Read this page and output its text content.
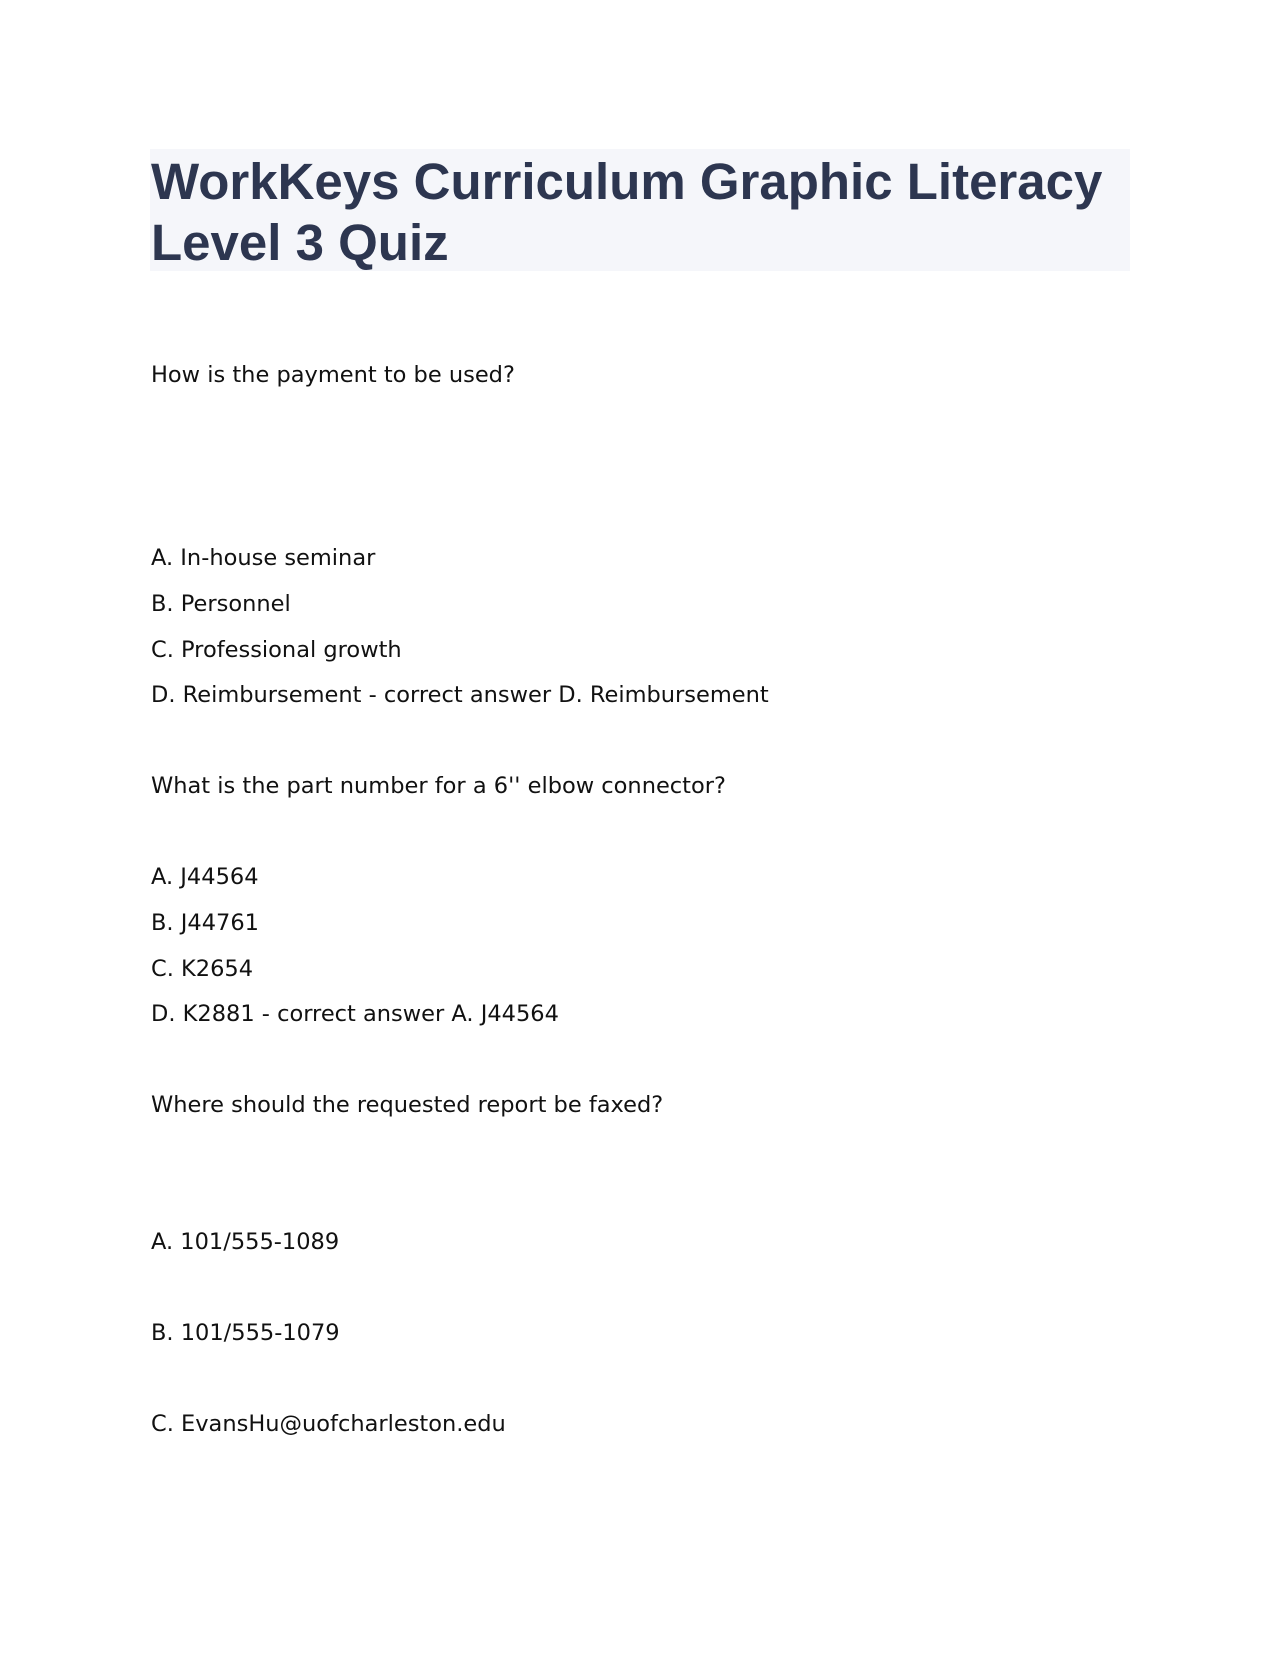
WorkKeys Curriculum Graphic Literacy Level 3 Quiz

How is the payment to be used?

A. In-house seminar

B. Personnel

C. Professional growth

D. Reimbursement - correct answer D. Reimbursement

What is the part number for a 6'' elbow connector?

A. J44564

B. J44761

C. K2654

D. K2881 - correct answer A. J44564

Where should the requested report be faxed?

A. 101/555-1089

B. 101/555-1079

C. EvansHu@uofcharleston.edu
